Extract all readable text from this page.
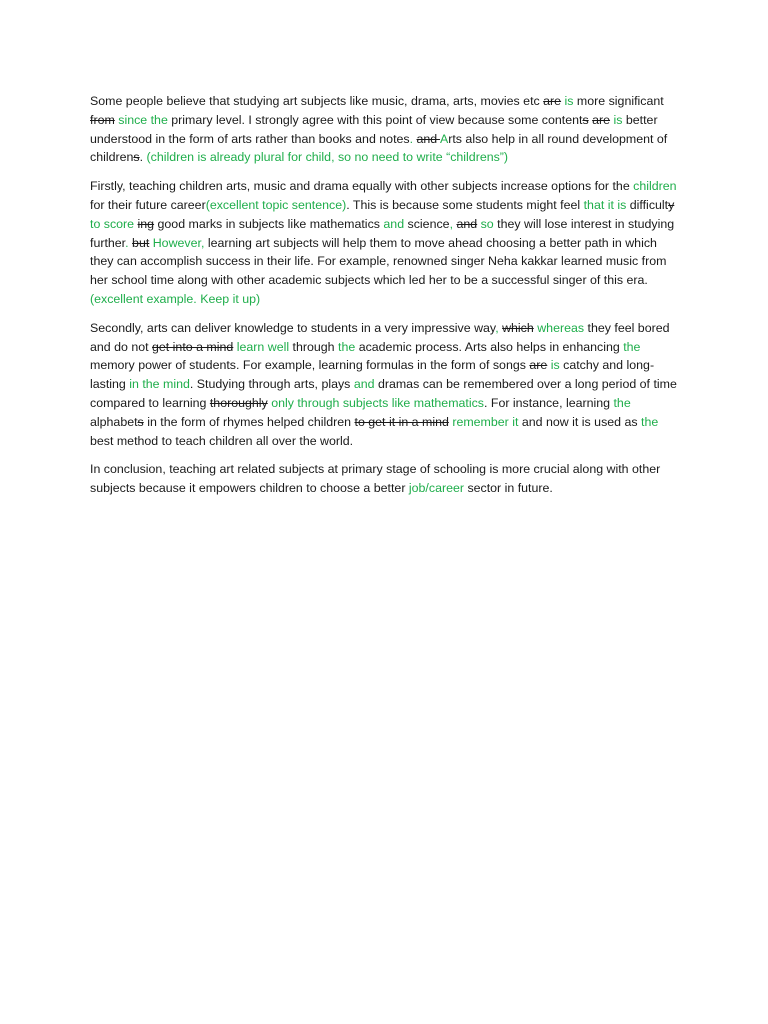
Some people believe that studying art subjects like music, drama, arts, movies etc are is more significant from since the primary level. I strongly agree with this point of view because some contents are is better understood in the form of arts rather than books and notes. and Arts also help in all round development of childrens. (children is already plural for child, so no need to write “childrens”)

Firstly, teaching children arts, music and drama equally with other subjects increase options for the children for their future career(excellent topic sentence). This is because some students might feel that it is difficulty to score ing good marks in subjects like mathematics and science, and so they will lose interest in studying further. but However, learning art subjects will help them to move ahead choosing a better path in which they can accomplish success in their life. For example, renowned singer Neha kakkar learned music from her school time along with other academic subjects which led her to be a successful singer of this era. (excellent example. Keep it up)

Secondly, arts can deliver knowledge to students in a very impressive way, which whereas they feel bored and do not get into a mind learn well through the academic process. Arts also helps in enhancing the memory power of students. For example, learning formulas in the form of songs are is catchy and long-lasting in the mind. Studying through arts, plays and dramas can be remembered over a long period of time compared to learning thoroughly only through subjects like mathematics. For instance, learning the alphabets in the form of rhymes helped children to get it in a mind remember it and now it is used as the best method to teach children all over the world.

In conclusion, teaching art related subjects at primary stage of schooling is more crucial along with other subjects because it empowers children to choose a better job/career sector in future.
